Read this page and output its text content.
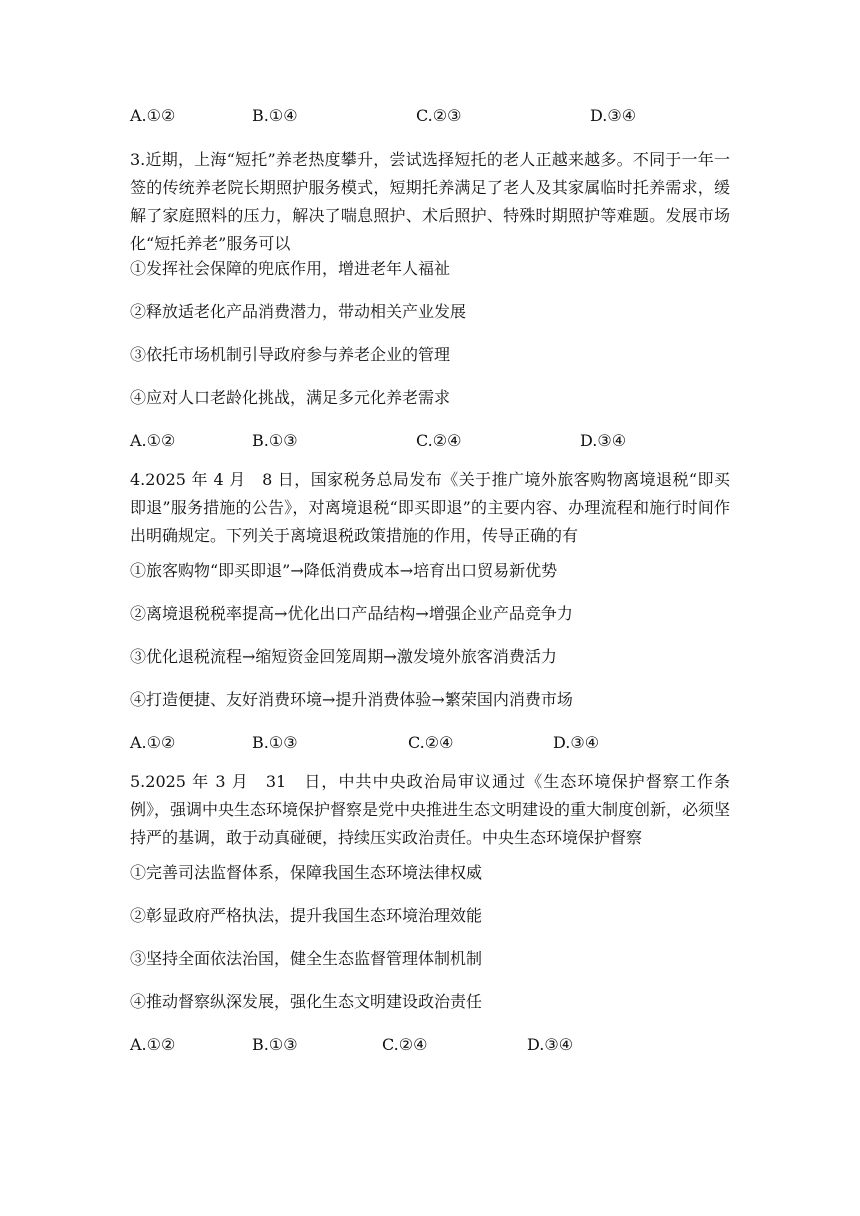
A.①②	B.①④	C.②③	D.③④
3.近期，上海“短托”养老热度攀升，尝试选择短托的老人正越来越多。不同于一年一签的传统养老院长期照护服务模式，短期托养满足了老人及其家属临时托养需求，缓解了家庭照料的压力，解决了喘息照护、术后照护、特殊时期照护等难题。发展市场化“短托养老”服务可以
①发挥社会保障的兜底作用，增进老年人福祉
②释放适老化产品消费潜力，带动相关产业发展
③依托市场机制引导政府参与养老企业的管理
④应对人口老龄化挑战，满足多元化养老需求
A.①②	B.①③	C.②④	D.③④
4.2025 年 4 月　8 日，国家税务总局发布《关于推广境外旅客购物离境退税“即买即退”服务措施的公告》，对离境退税“即买即退”的主要内容、办理流程和施行时间作出明确规定。下列关于离境退税政策措施的作用，传导正确的有
①旅客购物“即买即退”→降低消费成本→培育出口贸易新优势
②离境退税税率提高→优化出口产品结构→增强企业产品竞争力
③优化退税流程→缩短资金回笼周期→激发境外旅客消费活力
④打造便捷、友好消费环境→提升消费体验→繁荣国内消费市场
A.①②	B.①③	C.②④	D.③④
5.2025 年 3 月　31　日，中共中央政治局审议通过《生态环境保护督察工作条例》，强调中央生态环境保护督察是党中央推进生态文明建设的重大制度创新，必须坚持严的基调，敢于动真碰硬，持续压实政治责任。中央生态环境保护督察
①完善司法监督体系，保障我国生态环境法律权威
②彰显政府严格执法，提升我国生态环境治理效能
③坚持全面依法治国，健全生态监督管理体制机制
④推动督察纵深发展，强化生态文明建设政治责任
A.①②	B.①③	C.②④	D.③④
